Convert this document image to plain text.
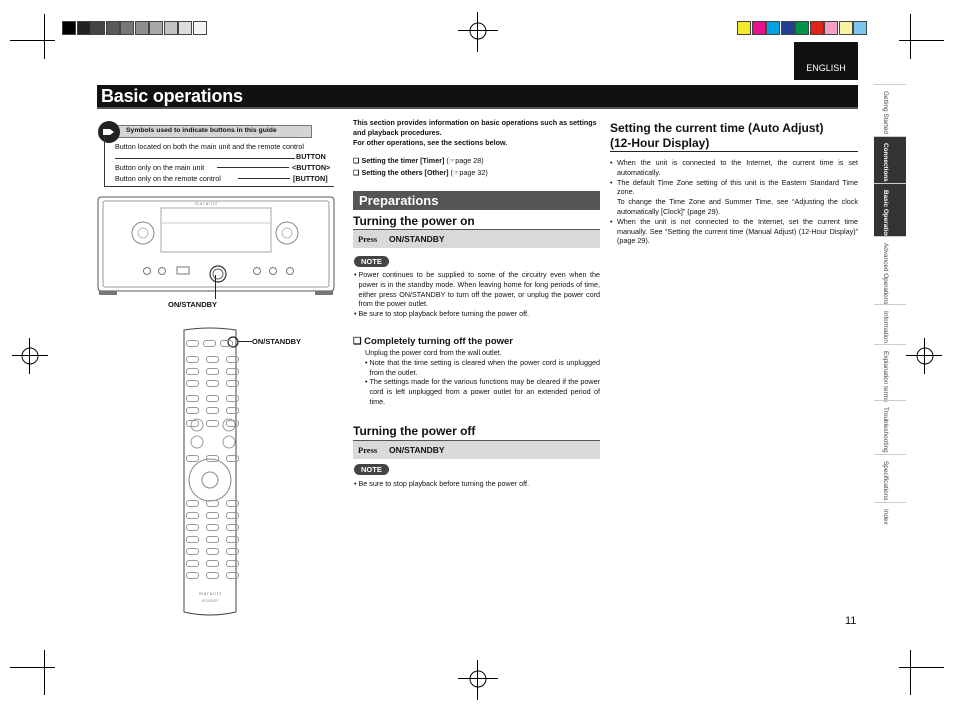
ENGLISH
Basic operations
Symbols used to indicate buttons in this guide
Button located on both the main unit and the remote control
BUTTON
Button only on the main unit	<BUTTON>
Button only on the remote control	[BUTTON]
marantz
ON/STANDBY
marantz
RC003CR
ON/STANDBY
This section provides information on basic operations such as settings and playback procedures.
For other operations, see the sections below.
❑ Setting the timer [Timer] (☞page 28)
❑ Setting the others [Other] (☞page 32)
Preparations
Turning the power on
Press ON/STANDBY
NOTE
• Power continues to be supplied to some of the circuitry even when the power is in the standby mode. When leaving home for long periods of time, either press ON/STANDBY to turn off the power, or unplug the power cord from the power outlet.
• Be sure to stop playback before turning the power off.
❑ Completely turning off the power
Unplug the power cord from the wall outlet.
• Note that the time setting is cleared when the power cord is unplugged from the outlet.
• The settings made for the various functions may be cleared if the power cord is left unplugged from a power outlet for an extended period of time.
Turning the power off
Press ON/STANDBY
NOTE
• Be sure to stop playback before turning the power off.
Setting the current time (Auto Adjust)
(12-Hour Display)
• When the unit is connected to the Internet, the current time is set automatically.
• The default Time Zone setting of this unit is the Eastern Standard Time zone.
To change the Time Zone and Summer Time, see “Adjusting the clock automatically [Clock]” (page 29).
• When the unit is not connected to the Internet, set the current time manually. See “Setting the current time (Manual Adjust) (12-Hour Display)” (page 29).
Getting Started
Connections
Basic Operations
Advanced Operations
Information
Explanation terms
Troubleshooting
Specifications
Index
11
